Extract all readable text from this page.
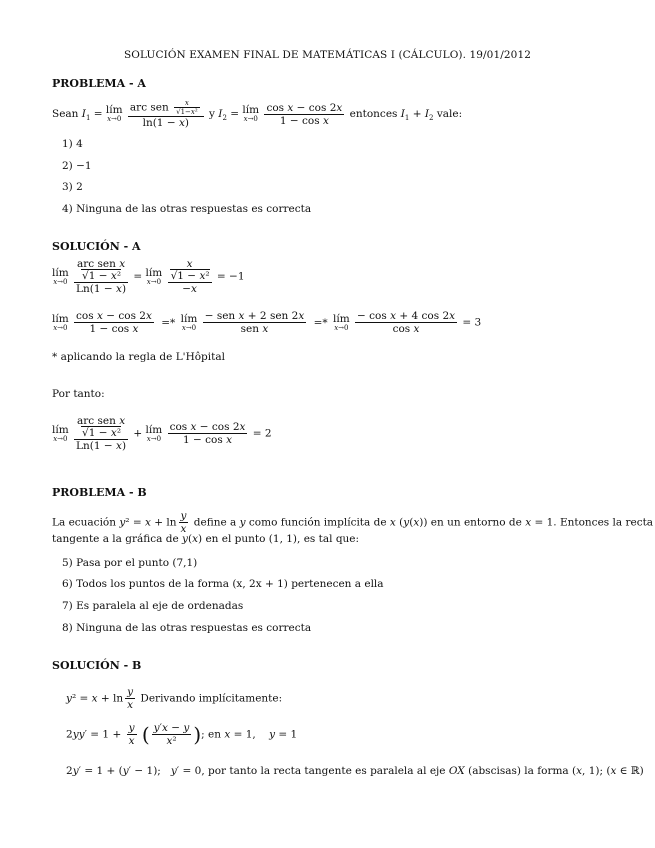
SOLUCIÓN EXAMEN FINAL DE MATEMÁTICAS I (CÁLCULO). 19/01/2012
PROBLEMA - A
Sean $I_1$ = lím
x→0
$\frac{arc sen \frac{x}{\text{√1−x²}}}{\ln(1 - x)}$ y $I_2$ = lím
x→0
$\frac{\text{cos x − cos 2x}}{\text{1 − cos x}}$ entonces $I_1 + I_2$ vale:
1) 4
2) −1
3) 2
4) Ninguna de las otras respuestas es correcta
SOLUCIÓN - A
lím
x→0

arc sen x
√1 − x²
Ln(1 − x)
= lím
x→0

x
√1 − x²
−x
= −1
lím
x→0
$\frac{\text{cos x − cos 2x}}{\text{1 − cos x}}$ =* lím
x→0
$\frac{\text{− sen x + 2 sen 2x}}{\text{sen x}}$ =* lím
x→0
$\frac{\text{− cos x + 4 cos 2x}}{\text{cos x}} = 3$
* aplicando la regla de L'Hôpital
Por tanto:
lím
x→0

arc sen x
√1 − x²
Ln(1 − x)
+ lím
x→0
$\frac{\text{cos x − cos 2x}}{\text{1 − cos x}} = 2$
PROBLEMA - B
La ecuación $y^2 = x + \ln \frac{y}{x}$ define a y como función implícita de x (y(x)) en un entorno de x = 1. Entonces la recta
tangente a la gráfica de y(x) en el punto (1, 1), es tal que:
5) Pasa por el punto (7,1)
6) Todos los puntos de la forma (x, 2x + 1) pertenecen a ella
7) Es paralela al eje de ordenadas
8) Ninguna de las otras respuestas es correcta
SOLUCIÓN - B
$y^2 = x + \ln \frac{y}{x}$ Derivando implícitamente:
$2yy' = 1 + \frac{y}{x}$ ( $\frac{y'x - y}{\text{x²}}$ ); en x = 1,    y = 1
2y′ = 1 + (y′ − 1);   y′ = 0, por tanto la recta tangente es paralela al eje OX (abscisas) la forma (x, 1); (x ∈ ℝ)
